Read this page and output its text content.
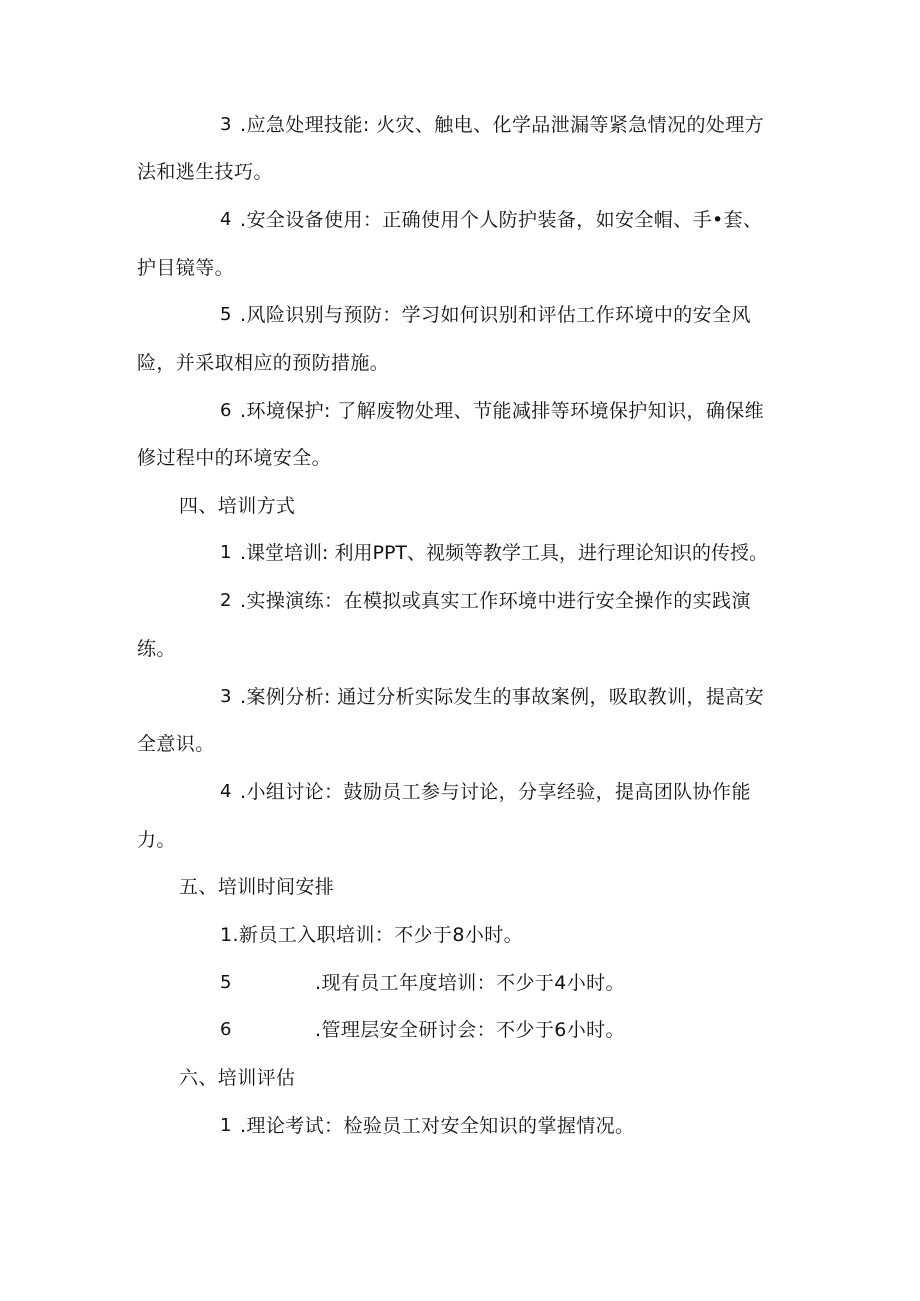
3 .应急处理技能: 火灾、触电、化学品泄漏等紧急情况的处理方
法和逃生技巧。
4 .安全设备使用：正确使用个人防护装备，如安全帽、手•套、
护目镜等。
5 .风险识别与预防：学习如何识别和评估工作环境中的安全风
险，并采取相应的预防措施。
6 .环境保护: 了解废物处理、节能减排等环境保护知识，确保维
修过程中的环境安全。
四、培训方式
1 .课堂培训: 利用PPT、视频等教学工具，进行理论知识的传授。
2 .实操演练：在模拟或真实工作环境中进行安全操作的实践演
练。
3 .案例分析: 通过分析实际发生的事故案例，吸取教训，提高安
全意识。
4 .小组讨论：鼓励员工参与讨论，分享经验，提高团队协作能
力。
五、培训时间安排
1.新员工入职培训：不少于8小时。
5	.现有员工年度培训：不少于4小时。
6	.管理层安全研讨会：不少于6小时。
六、培训评估
1 .理论考试：检验员工对安全知识的掌握情况。
